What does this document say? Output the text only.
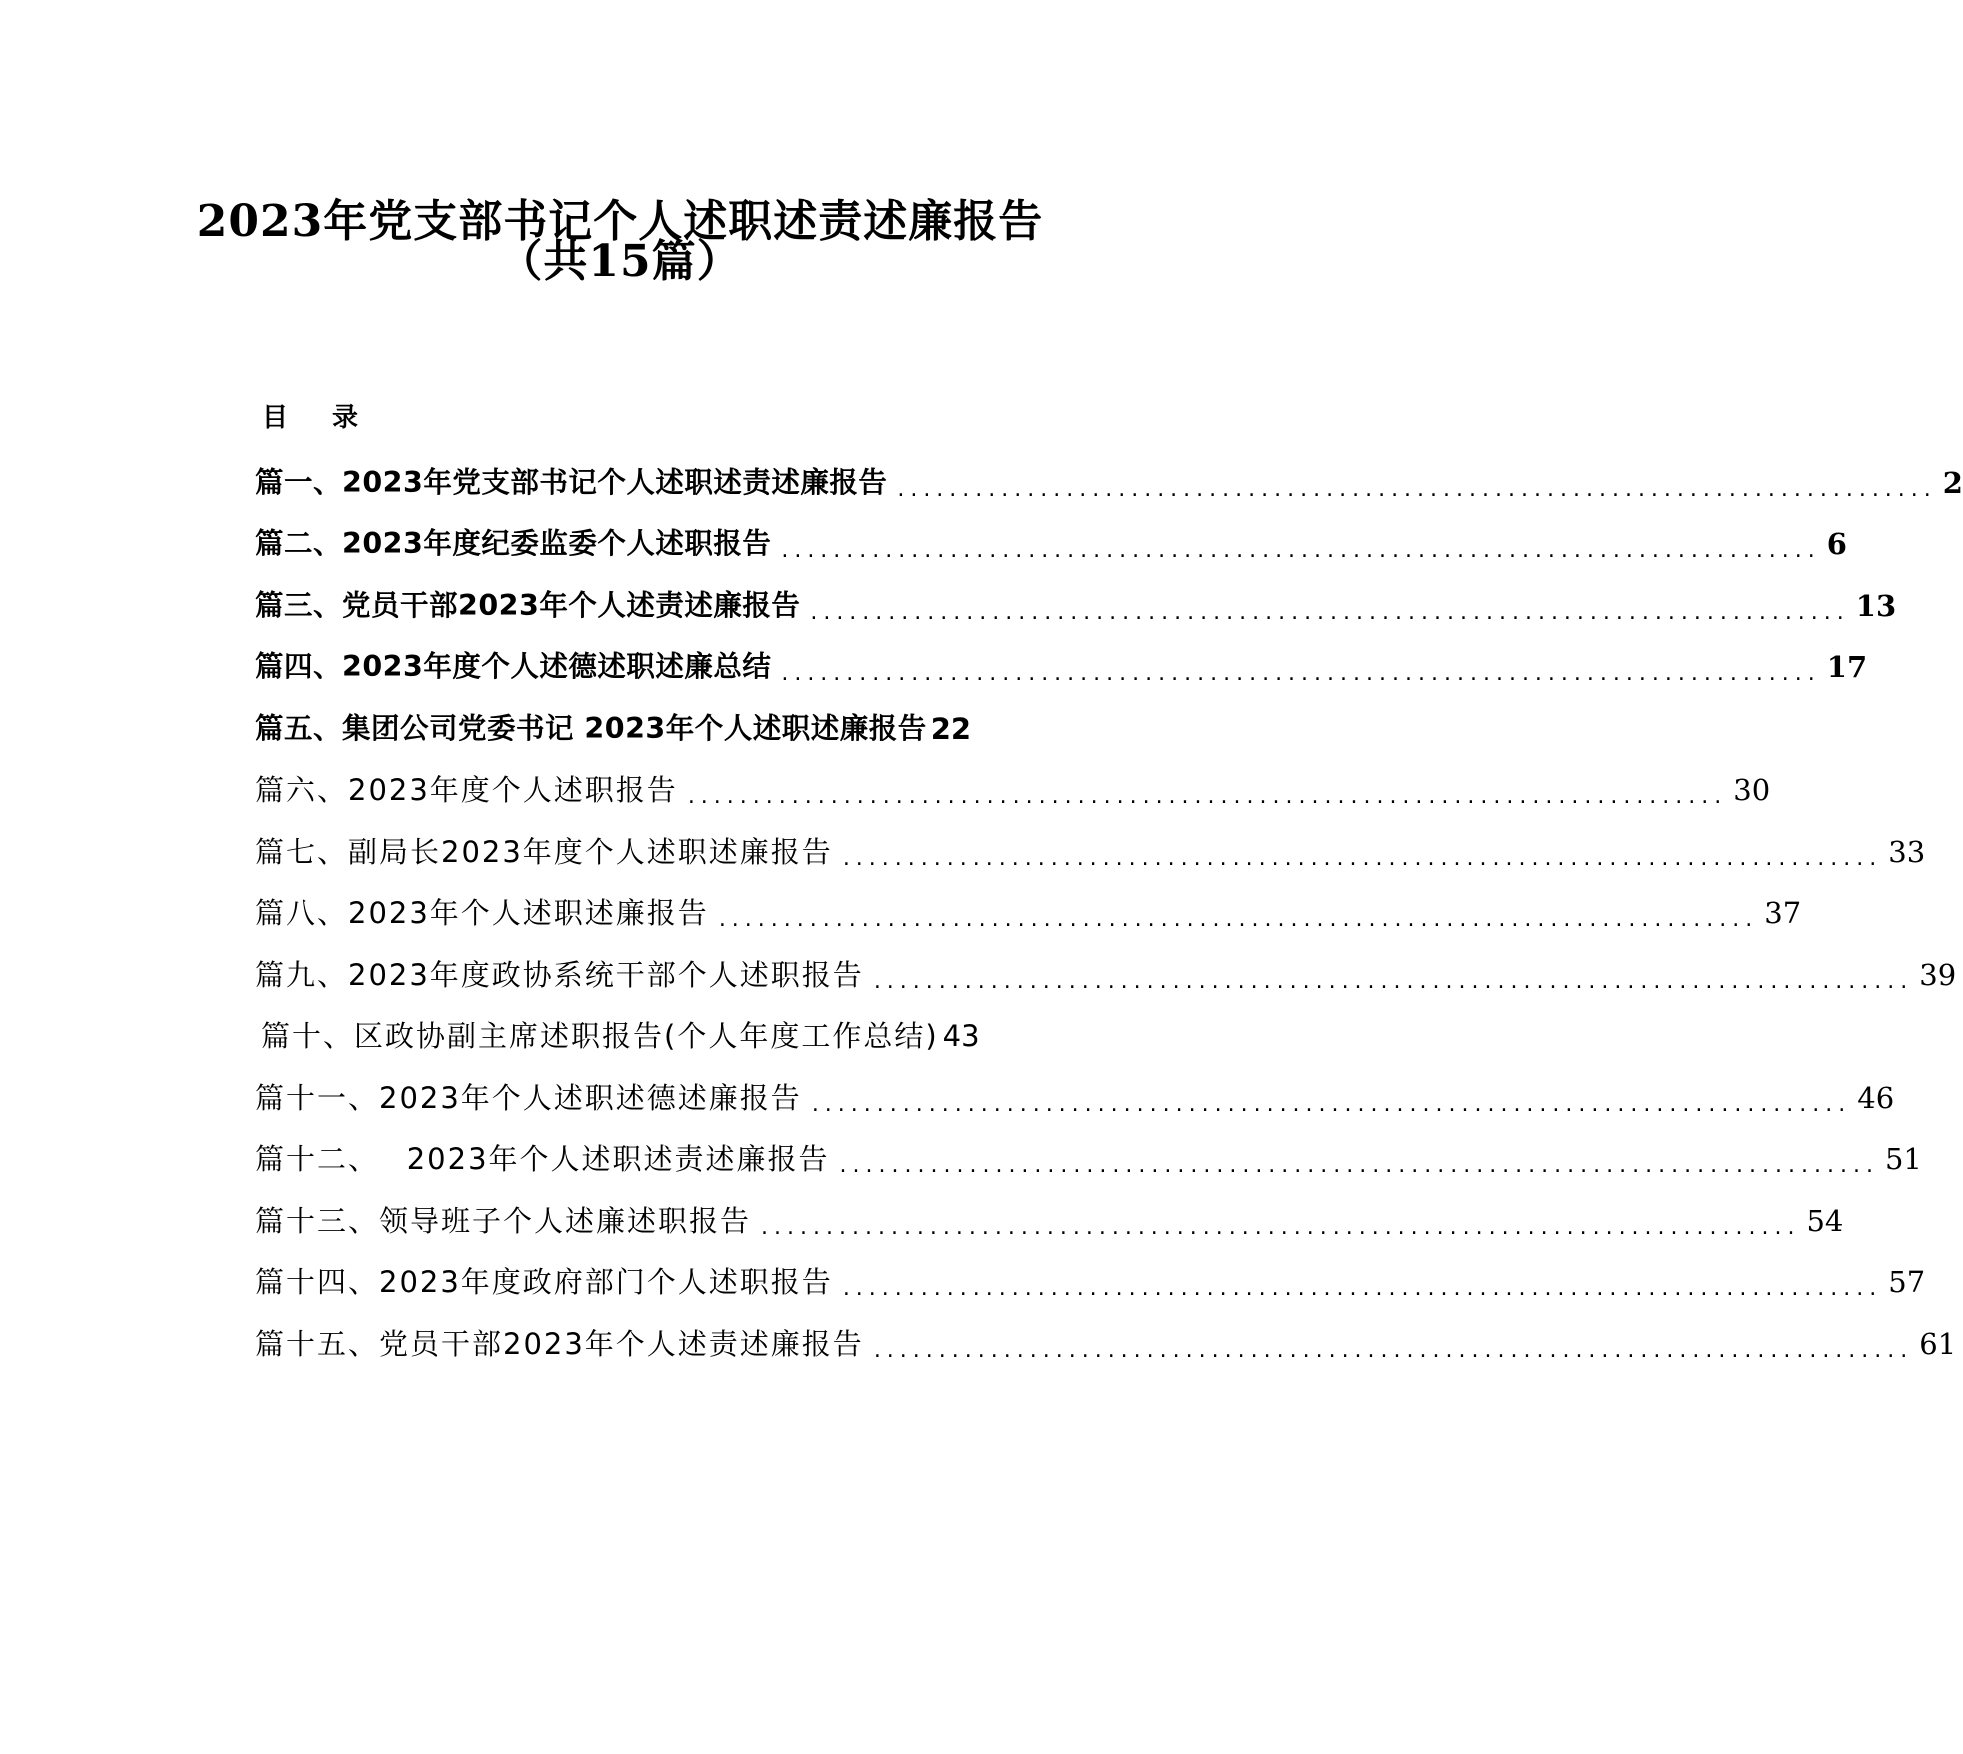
2023年党支部书记个人述职述责述廉报告
（共15篇）
目录
篇一、2023年党支部书记个人述职述责述廉报告 ................................................................................ 2
篇二、2023年度纪委监委个人述职报告 ................................................................................ 6
篇三、党员干部2023年个人述责述廉报告 ................................................................................ 13
篇四、2023年度个人述德述职述廉总结 ................................................................................ 17
篇五、集团公司党委书记 2023年个人述职述廉报告 22
篇六、2023年度个人述职报告 ................................................................................ 30
篇七、副局长2023年度个人述职述廉报告 ................................................................................ 33
篇八、2023年个人述职述廉报告 ................................................................................ 37
篇九、2023年度政协系统干部个人述职报告 ................................................................................ 39
篇十、区政协副主席述职报告(个人年度工作总结) 43
篇十一、2023年个人述职述德述廉报告 ................................................................................ 46
篇十二、　 2023年个人述职述责述廉报告 ................................................................................ 51
篇十三、领导班子个人述廉述职报告 ................................................................................ 54
篇十四、2023年度政府部门个人述职报告 ................................................................................ 57
篇十五、党员干部2023年个人述责述廉报告 ................................................................................ 61
